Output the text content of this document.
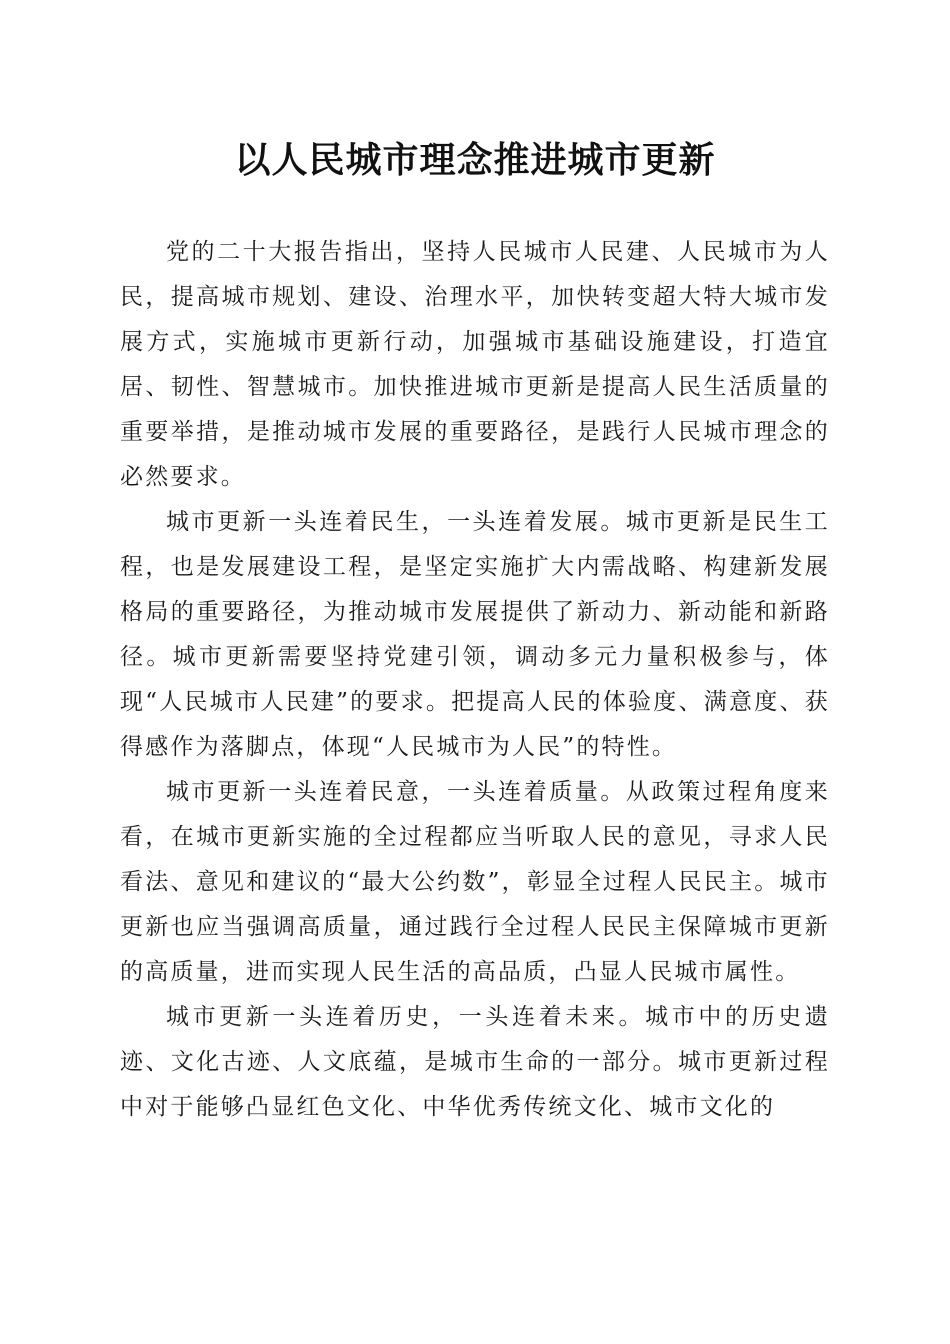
以人民城市理念推进城市更新

党的二十大报告指出，坚持人民城市人民建、人民城市为人民，提高城市规划、建设、治理水平，加快转变超大特大城市发展方式，实施城市更新行动，加强城市基础设施建设，打造宜居、韧性、智慧城市。加快推进城市更新是提高人民生活质量的重要举措，是推动城市发展的重要路径，是践行人民城市理念的必然要求。

城市更新一头连着民生，一头连着发展。城市更新是民生工程，也是发展建设工程，是坚定实施扩大内需战略、构建新发展格局的重要路径，为推动城市发展提供了新动力、新动能和新路径。城市更新需要坚持党建引领，调动多元力量积极参与，体现“人民城市人民建”的要求。把提高人民的体验度、满意度、获得感作为落脚点，体现“人民城市为人民”的特性。

城市更新一头连着民意，一头连着质量。从政策过程角度来看，在城市更新实施的全过程都应当听取人民的意见，寻求人民看法、意见和建议的“最大公约数”，彰显全过程人民民主。城市更新也应当强调高质量，通过践行全过程人民民主保障城市更新的高质量，进而实现人民生活的高品质，凸显人民城市属性。

城市更新一头连着历史，一头连着未来。城市中的历史遗迹、文化古迹、人文底蕴，是城市生命的一部分。城市更新过程中对于能够凸显红色文化、中华优秀传统文化、城市文化的
